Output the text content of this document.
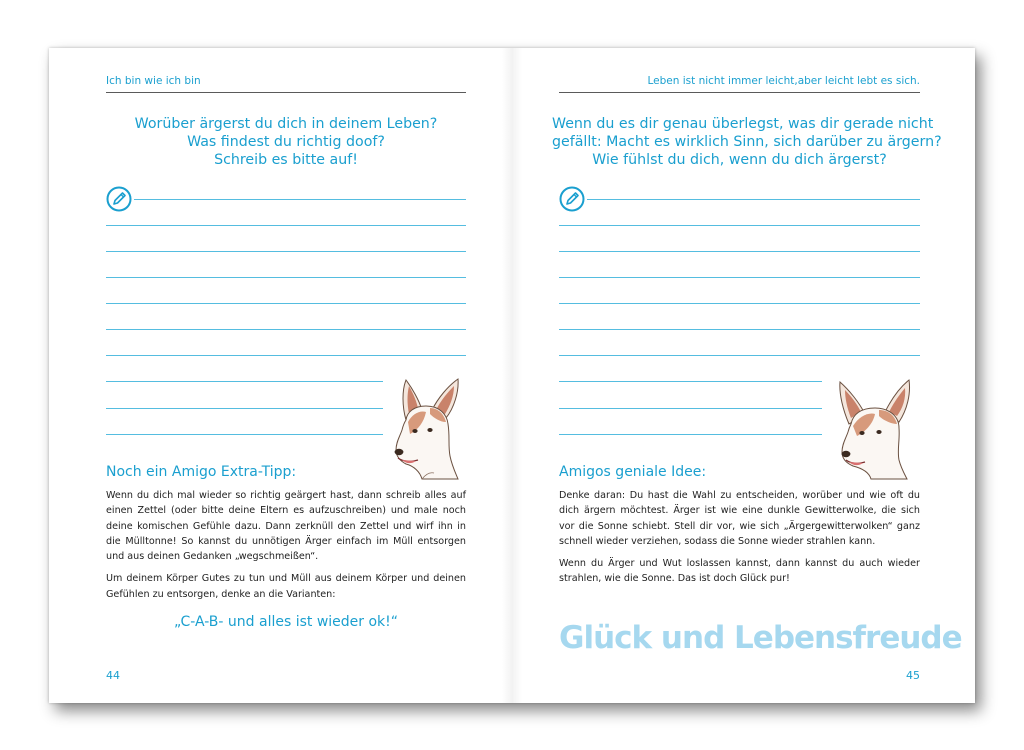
Ich bin wie ich bin
Worüber ärgerst du dich in deinem Leben?
Was findest du richtig doof?
Schreib es bitte auf!
Noch ein Amigo Extra-Tipp:

Wenn du dich mal wieder so richtig geärgert hast, dann schreib alles auf einen Zettel (oder bitte deine Eltern es aufzuschreiben) und male noch deine komischen Gefühle dazu. Dann zerknüll den Zettel und wirf ihn in die Mülltonne! So kannst du unnötigen Ärger einfach im Müll entsorgen und aus deinen Gedanken „wegschmeißen“.

Um deinem Körper Gutes zu tun und Müll aus deinem Körper und deinen Gefühlen zu entsorgen, denke an die Varianten:

„C-A-B- und alles ist wieder ok!“
44
Leben ist nicht immer leicht,aber leicht lebt es sich.
Wenn du es dir genau überlegst, was dir gerade nicht
gefällt: Macht es wirklich Sinn, sich darüber zu ärgern?
Wie fühlst du dich, wenn du dich ärgerst?
Amigos geniale Idee:

Denke daran: Du hast die Wahl zu entscheiden, worüber und wie oft du dich ärgern möchtest. Ärger ist wie eine dunkle Gewitterwolke, die sich vor die Sonne schiebt. Stell dir vor, wie sich „Ärgergewitterwolken“ ganz schnell wieder verziehen, sodass die Sonne wieder strahlen kann.

Wenn du Ärger und Wut loslassen kannst, dann kannst du auch wieder strahlen, wie die Sonne. Das ist doch Glück pur!

Glück und Lebensfreude
45
